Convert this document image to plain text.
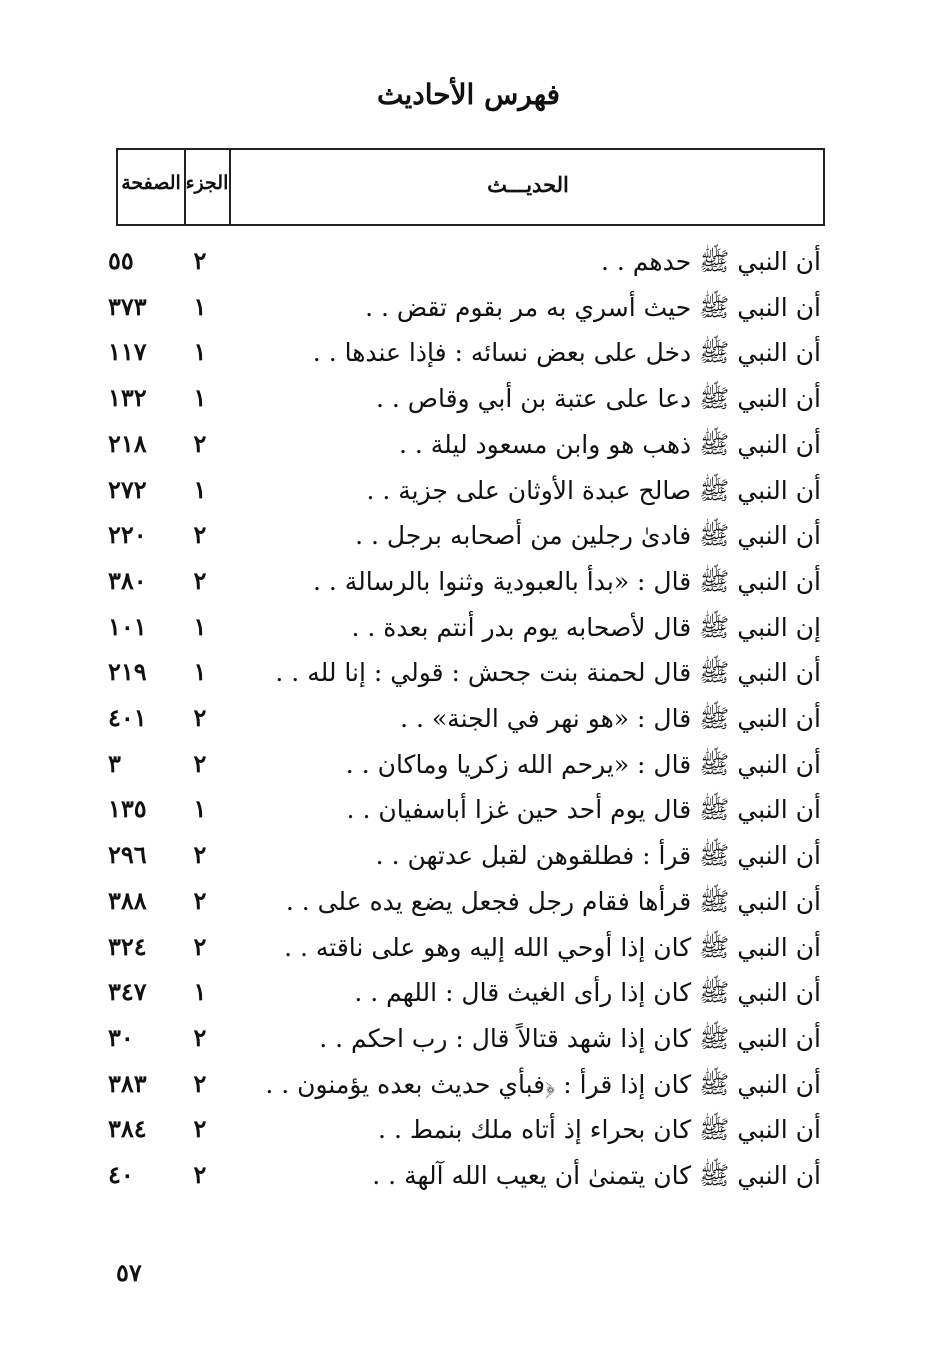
فهرس الأحاديث
الصفحة الجزء	الحديـــث
أن النبي ﷺ حدهم . .
٢
٥٥
أن النبي ﷺ حيث أسري به مر بقوم تقض . .
١
٣٧٣
أن النبي ﷺ دخل على بعض نسائه : فإذا عندها . .
١
١١٧
أن النبي ﷺ دعا على عتبة بن أبي وقاص . .
١
١٣٢
أن النبي ﷺ ذهب هو وابن مسعود ليلة . .
٢
٢١٨
أن النبي ﷺ صالح عبدة الأوثان على جزية . .
١
٢٧٢
أن النبي ﷺ فادىٰ رجلين من أصحابه برجل . .
٢
٢٢٠
أن النبي ﷺ قال : «بدأ بالعبودية وثنوا بالرسالة . .
٢
٣٨٠
إن النبي ﷺ قال لأصحابه يوم بدر أنتم بعدة . .
١
١٠١
أن النبي ﷺ قال لحمنة بنت جحش : قولي : إنا لله . .
١
٢١٩
أن النبي ﷺ قال : «هو نهر في الجنة» . .
٢
٤٠١
أن النبي ﷺ قال : «يرحم الله زكريا وماكان . .
٢
٣
أن النبي ﷺ قال يوم أحد حين غزا أباسفيان . .
١
١٣٥
أن النبي ﷺ قرأ : فطلقوهن لقبل عدتهن . .
٢
٢٩٦
أن النبي ﷺ قرأها فقام رجل فجعل يضع يده على . .
٢
٣٨٨
أن النبي ﷺ كان إذا أوحي الله إليه وهو على ناقته . .
٢
٣٢٤
أن النبي ﷺ كان إذا رأى الغيث قال : اللهم . .
١
٣٤٧
أن النبي ﷺ كان إذا شهد قتالاً قال : رب احكم . .
٢
٣٠
أن النبي ﷺ كان إذا قرأ : ﴿فبأي حديث بعده يؤمنون . .
٢
٣٨٣
أن النبي ﷺ كان بحراء إذ أتاه ملك بنمط . .
٢
٣٨٤
أن النبي ﷺ كان يتمنىٰ أن يعيب الله آلهة . .
٢
٤٠
٥٧
